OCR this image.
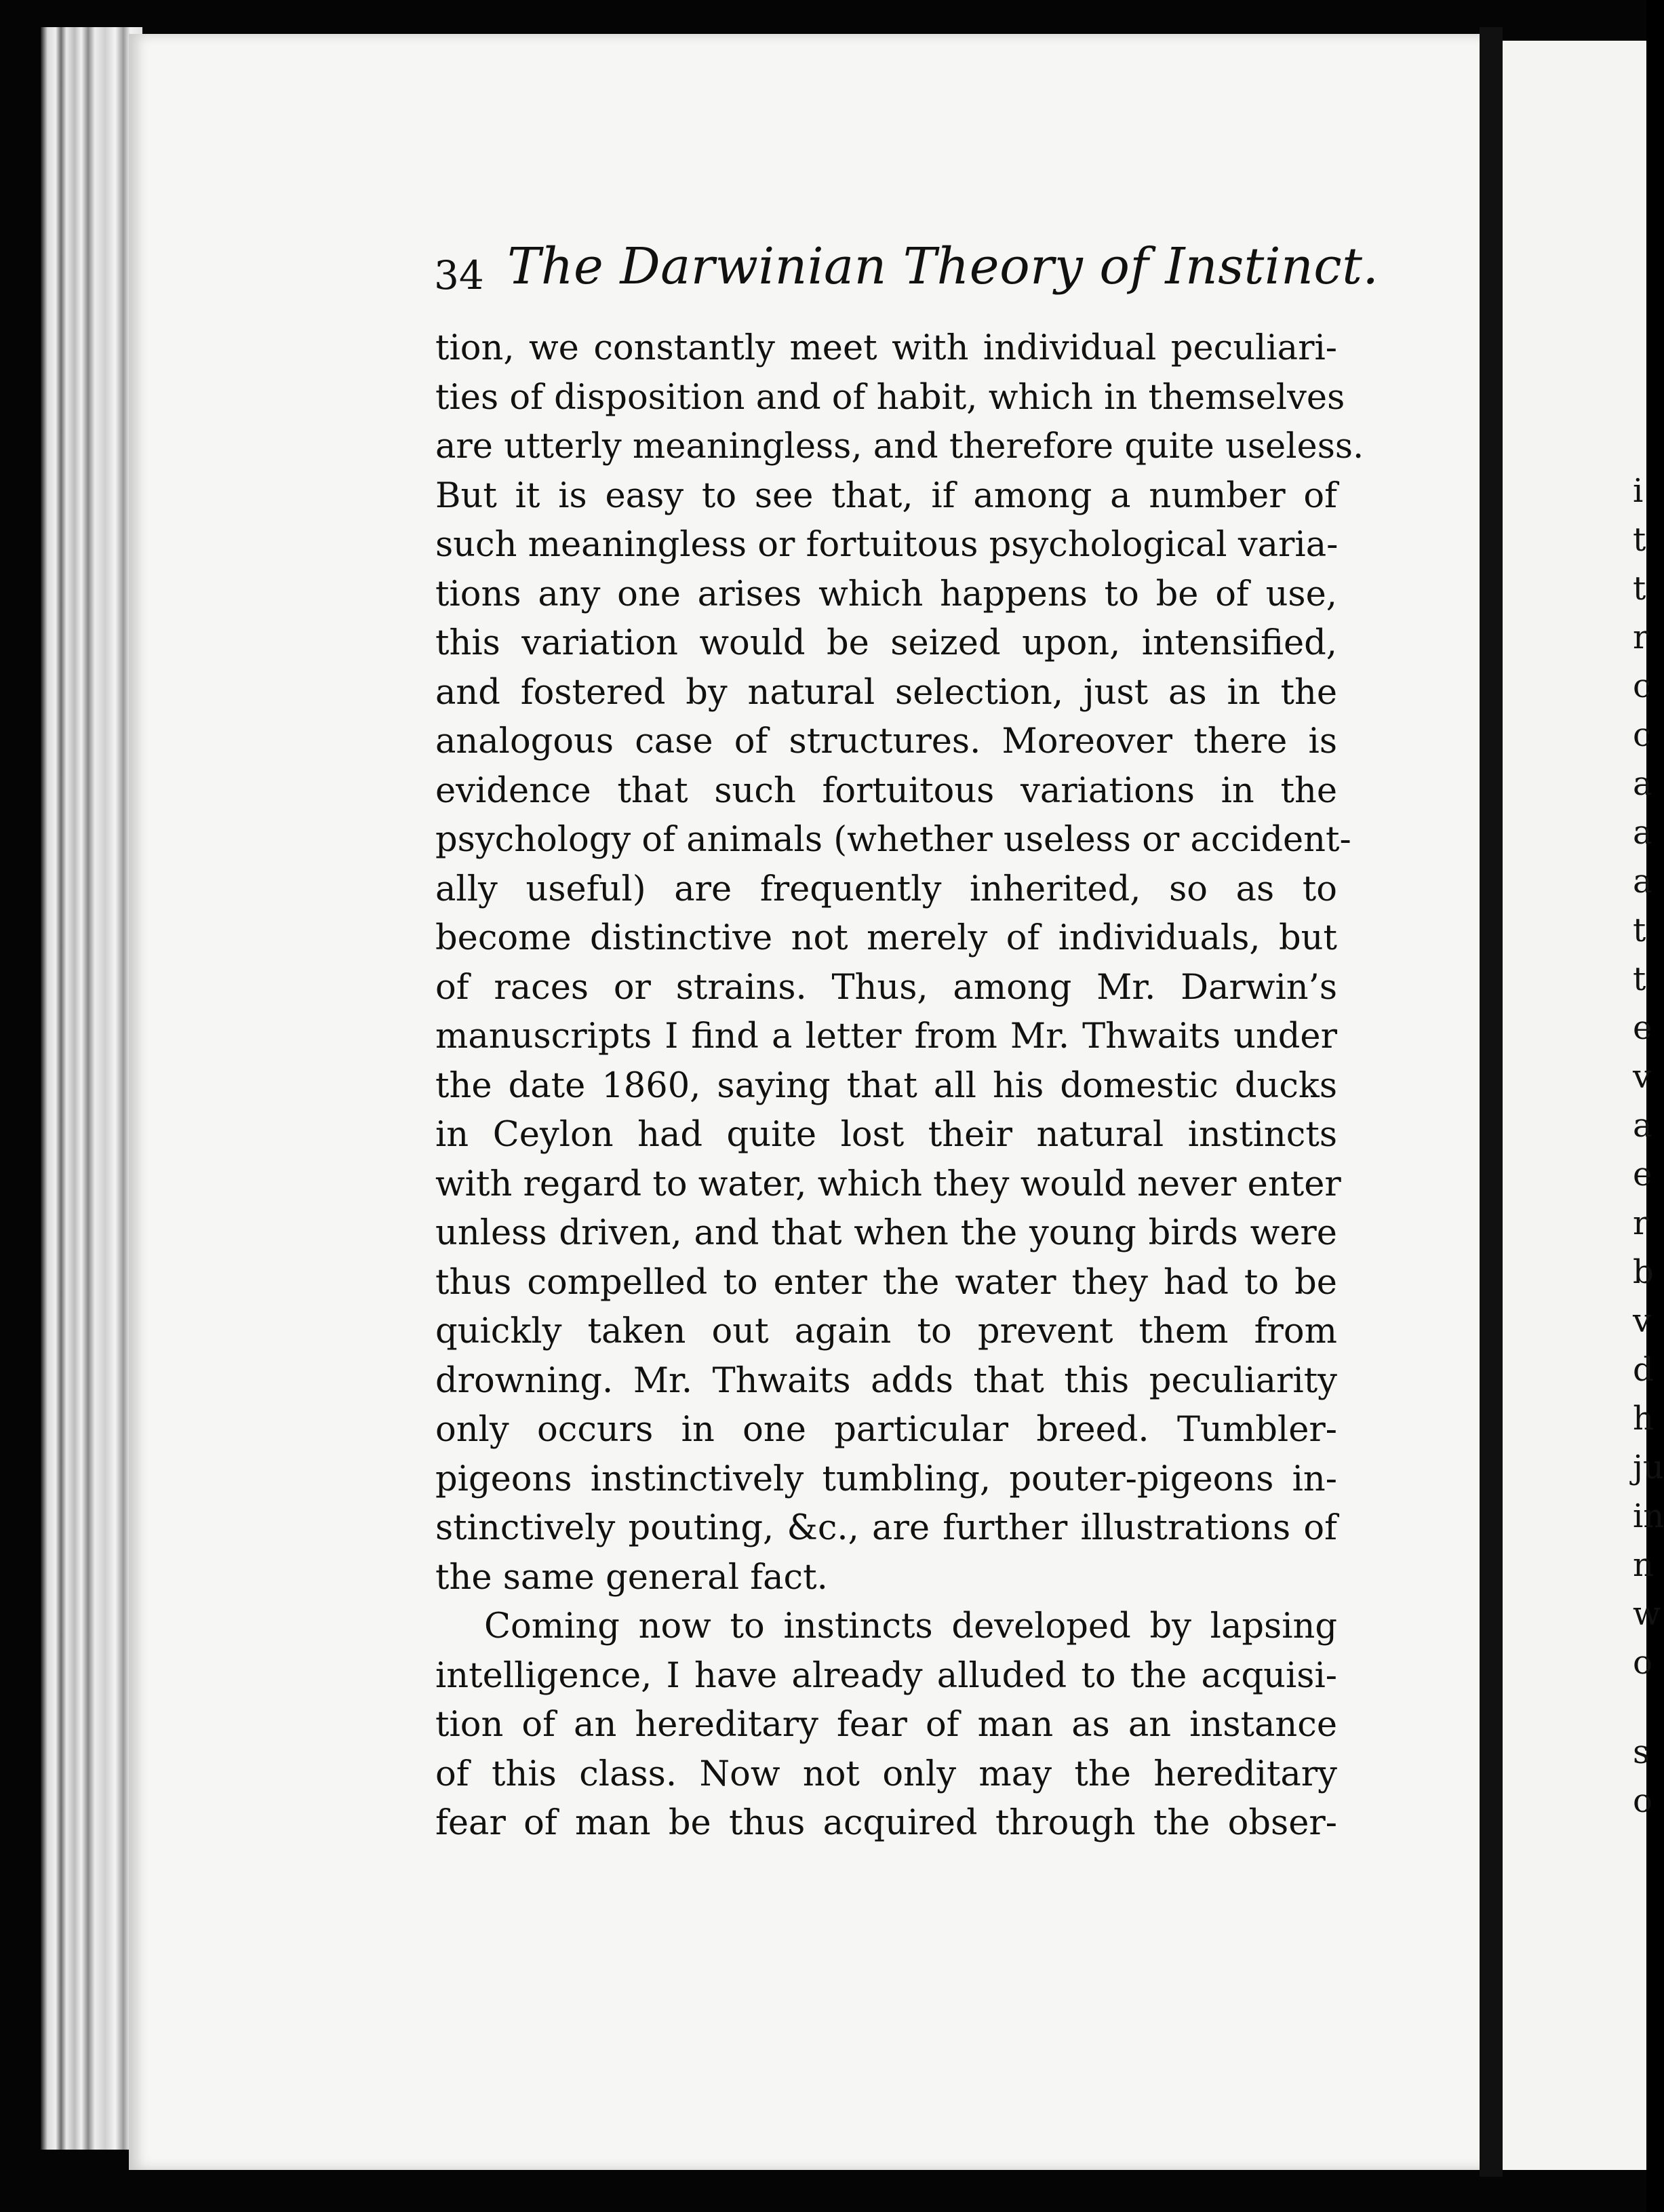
34 The Darwinian Theory of Instinct.
tion, we constantly meet with individual peculiari-
ties of disposition and of habit, which in themselves
are utterly meaningless, and therefore quite useless.
But it is easy to see that, if among a number of
such meaningless or fortuitous psychological varia-
tions any one arises which happens to be of use,
this variation would be seized upon, intensified,
and fostered by natural selection, just as in the
analogous case of structures. Moreover there is
evidence that such fortuitous variations in the
psychology of animals (whether useless or accident-
ally useful) are frequently inherited, so as to
become distinctive not merely of individuals, but
of races or strains. Thus, among Mr. Darwin’s
manuscripts I find a letter from Mr. Thwaits under
the date 1860, saying that all his domestic ducks
in Ceylon had quite lost their natural instincts
with regard to water, which they would never enter
unless driven, and that when the young birds were
thus compelled to enter the water they had to be
quickly taken out again to prevent them from
drowning. Mr. Thwaits adds that this peculiarity
only occurs in one particular breed. Tumbler-
pigeons instinctively tumbling, pouter-pigeons in-
stinctively pouting, &c., are further illustrations of
the same general fact.
Coming now to instincts developed by lapsing
intelligence, I have already alluded to the acquisi-
tion of an hereditary fear of man as an instance
of this class. Now not only may the hereditary
fear of man be thus acquired through the obser-
i
t
t
r
c
c
a
a
a
t
t
e
v
a
e
r
b
v
d
h
ju
in
n
w
o
s
o
